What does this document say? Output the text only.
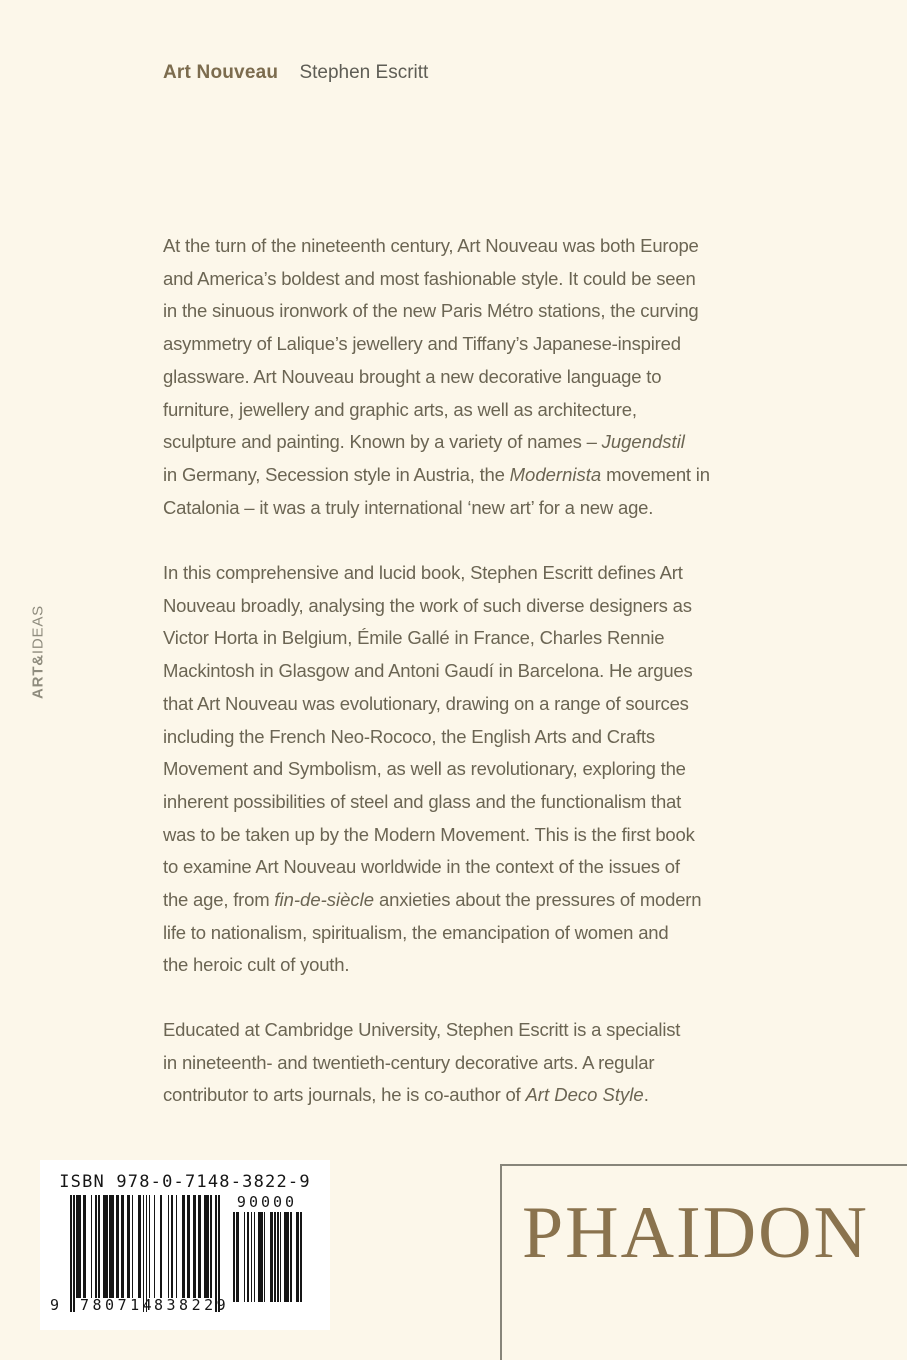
Art Nouveau Stephen Escritt
ART&IDEAS
At the turn of the nineteenth century, Art Nouveau was both Europe
and America’s boldest and most fashionable style. It could be seen
in the sinuous ironwork of the new Paris Métro stations, the curving
asymmetry of Lalique’s jewellery and Tiffany’s Japanese-inspired
glassware. Art Nouveau brought a new decorative language to
furniture, jewellery and graphic arts, as well as architecture,
sculpture and painting. Known by a variety of names – Jugendstil
in Germany, Secession style in Austria, the Modernista movement in
Catalonia – it was a truly international ‘new art’ for a new age.
In this comprehensive and lucid book, Stephen Escritt defines Art
Nouveau broadly, analysing the work of such diverse designers as
Victor Horta in Belgium, Émile Gallé in France, Charles Rennie
Mackintosh in Glasgow and Antoni Gaudí in Barcelona. He argues
that Art Nouveau was evolutionary, drawing on a range of sources
including the French Neo-Rococo, the English Arts and Crafts
Movement and Symbolism, as well as revolutionary, exploring the
inherent possibilities of steel and glass and the functionalism that
was to be taken up by the Modern Movement. This is the first book
to examine Art Nouveau worldwide in the context of the issues of
the age, from fin-de-siècle anxieties about the pressures of modern
life to nationalism, spiritualism, the emancipation of women and
the heroic cult of youth.
Educated at Cambridge University, Stephen Escritt is a specialist
in nineteenth- and twentieth-century decorative arts. A regular
contributor to arts journals, he is co-author of Art Deco Style.
ISBN 978-0-7148-3822-9
90000
9 780714
838229
PHAIDON
